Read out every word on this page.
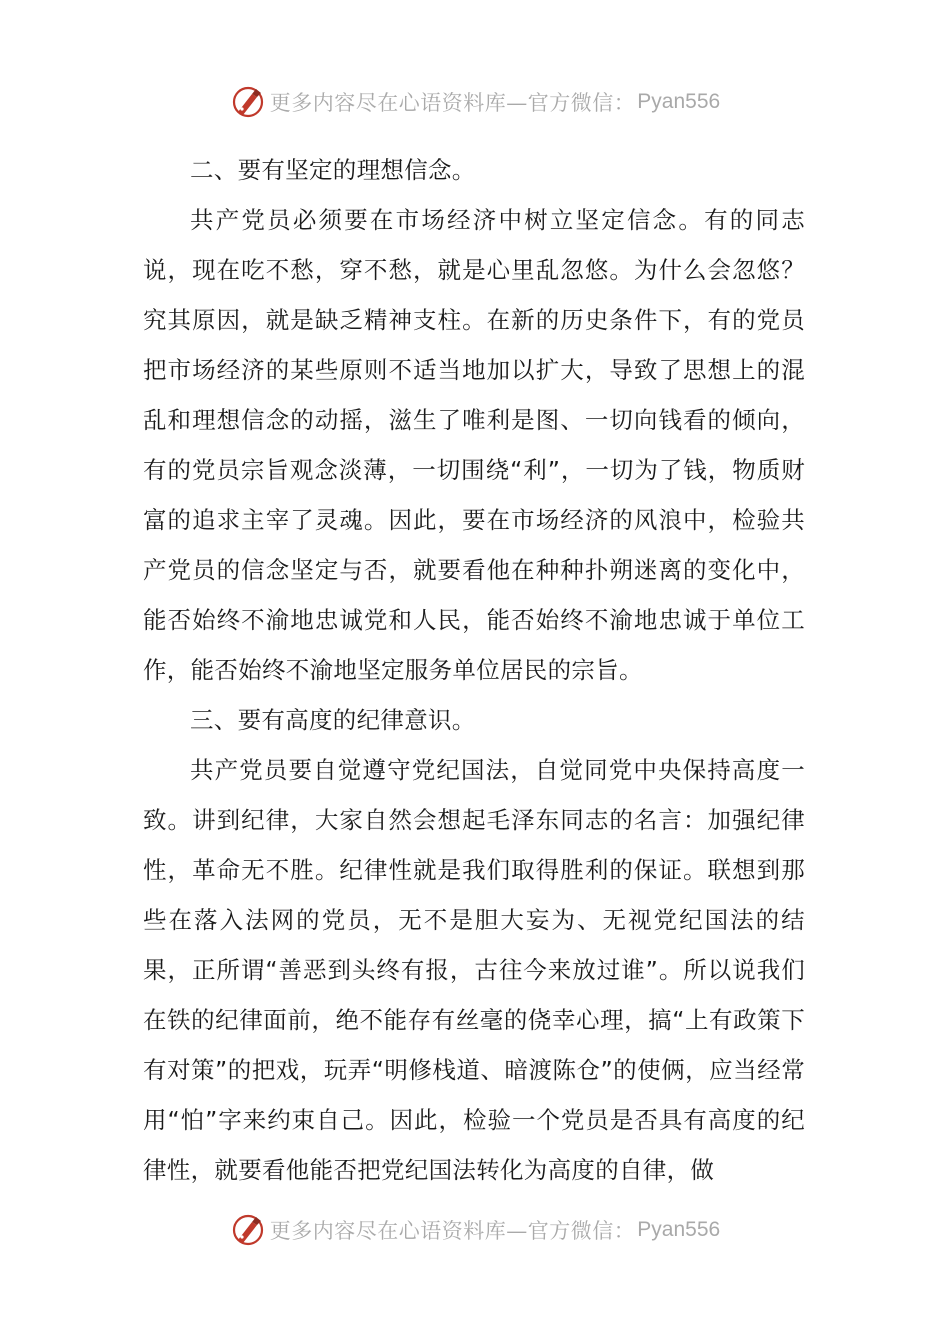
更多内容尽在心语资料库—官方微信： Pyan556

二、要有坚定的理想信念。

共产党员必须要在市场经济中树立坚定信念。有的同志说，现在吃不愁，穿不愁，就是心里乱忽悠。为什么会忽悠？究其原因，就是缺乏精神支柱。在新的历史条件下，有的党员把市场经济的某些原则不适当地加以扩大，导致了思想上的混乱和理想信念的动摇，滋生了唯利是图、一切向钱看的倾向，有的党员宗旨观念淡薄，一切围绕“利”，一切为了钱，物质财富的追求主宰了灵魂。因此，要在市场经济的风浪中，检验共产党员的信念坚定与否，就要看他在种种扑朔迷离的变化中，能否始终不渝地忠诚党和人民，能否始终不渝地忠诚于单位工作，能否始终不渝地坚定服务单位居民的宗旨。

三、要有高度的纪律意识。

共产党员要自觉遵守党纪国法，自觉同党中央保持高度一致。讲到纪律，大家自然会想起毛泽东同志的名言：加强纪律性，革命无不胜。纪律性就是我们取得胜利的保证。联想到那些在落入法网的党员，无不是胆大妄为、无视党纪国法的结果，正所谓“善恶到头终有报，古往今来放过谁”。所以说我们在铁的纪律面前，绝不能存有丝毫的侥幸心理，搞“上有政策下有对策”的把戏，玩弄“明修栈道、暗渡陈仓”的使俩，应当经常用“怕”字来约束自己。因此，检验一个党员是否具有高度的纪律性，就要看他能否把党纪国法转化为高度的自律，做

更多内容尽在心语资料库—官方微信： Pyan556
